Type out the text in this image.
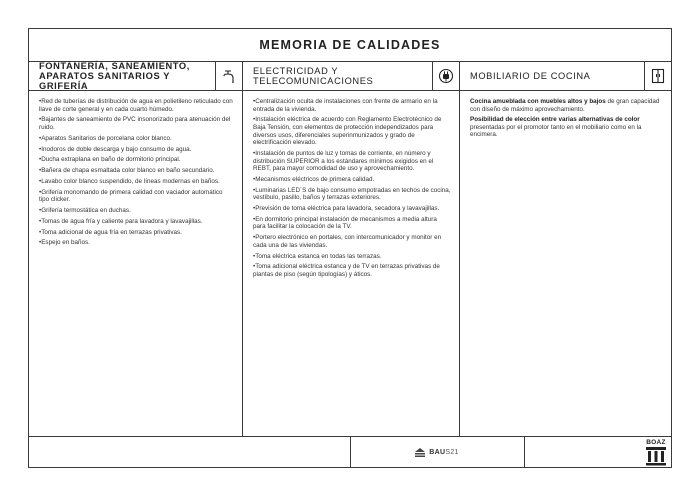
MEMORIA DE CALIDADES
FONTANERÍA, SANEAMIENTO, APARATOS SANITARIOS Y GRIFERÍA
• Red de tuberías de distribución de agua en polietileno reticulado con llave de corte general y en cada cuarto húmedo.
• Bajantes de saneamiento de PVC insonorizado para atenuación del ruido.
• Aparatos Sanitarios de porcelana color blanco.
• Inodoros de doble descarga y bajo consumo de agua.
• Ducha extraplana en baño de dormitorio principal.
• Bañera de chapa esmaltada color blanco en baño secundario.
• Lavabo color blanco suspendido, de líneas modernas en baños.
• Grifería monomando de primera calidad con vaciador automático tipo clicker.
• Grifería termostática en duchas.
• Tomas de agua fría y caliente para lavadora y lavavajillas.
• Toma adicional de agua fría en terrazas privativas.
• Espejo en baños.
ELECTRICIDAD Y TELECOMUNICACIONES
• Centralización oculta de instalaciones con frente de armario en la entrada de la vivienda.
• Instalación eléctrica de acuerdo con Reglamento Electrotécnico de Baja Tensión, con elementos de protección independizados para diversos usos, diferenciales superinmunizados y grado de electrificación elevado.
• Instalación de puntos de luz y tomas de corriente, en número y distribución SUPERIOR a los estándares mínimos exigidos en el REBT, para mayor comodidad de uso y aprovechamiento.
• Mecanismos eléctricos de primera calidad.
• Luminarias LED´S de bajo consumo empotradas en techos de cocina, vestíbulo, pasillo, baños y terrazas exteriores.
• Previsión de toma eléctrica para lavadora, secadora y lavavajillas.
• En dormitorio principal instalación de mecanismos a media altura para facilitar la colocación de la TV.
• Portero electrónico en portales, con intercomunicador y monitor en cada una de las viviendas.
• Toma eléctrica estanca en todas las terrazas.
• Toma adicional eléctrica estanca y de TV en terrazas privativas de plantas de piso (según tipologías) y áticos.
MOBILIARIO DE COCINA

Cocina amueblada con muebles altos y bajos de gran capacidad con diseño de máximo aprovechamiento.

Posibilidad de elección entre varias alternativas de color presentadas por el promotor tanto en el mobiliario como en la encimera.

BAUS21
BOAZ
